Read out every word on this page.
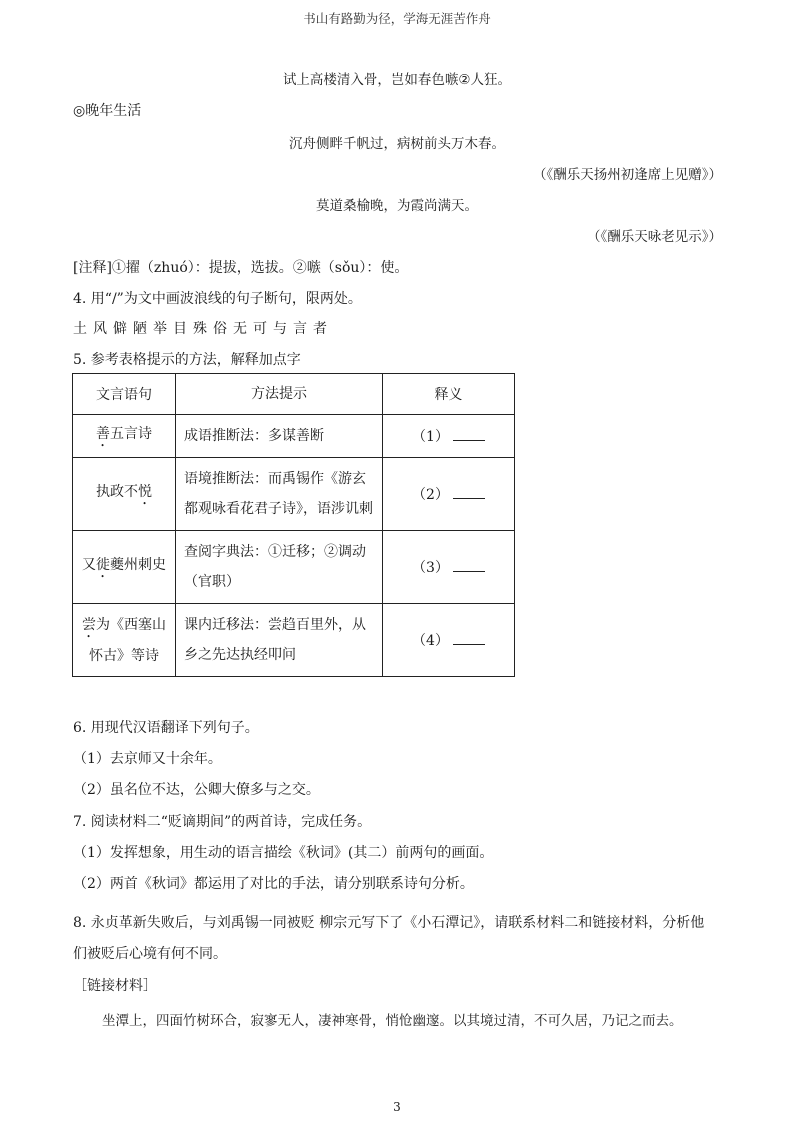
书山有路勤为径，学海无涯苦作舟
试上高楼清入骨，岂如春色嗾②人狂。
◎晚年生活
沉舟侧畔千帆过，病树前头万木春。
（《酬乐天扬州初逢席上见赠》）
莫道桑榆晚，为霞尚满天。
（《酬乐天咏老见示》）
[注释]①擢（zhuó）：提拔，选拔。②嗾（sǒu）：使。
4. 用“/”为文中画波浪线的句子断句，限两处。
土风僻陋举目殊俗无可与言者
5. 参考表格提示的方法，解释加点字
文言语句	方法提示	释义
善五言诗	成语推断法：多谋善断	（1）
执政不悦	语境推断法：而禹锡作《游玄都观咏看花君子诗》，语涉讥刺	（2）
又徙夔州刺史	查阅字典法：①迁移；②调动（官职）	（3）
尝为《西塞山怀古》等诗	课内迁移法：尝趋百里外，从乡之先达执经叩问	（4）
6. 用现代汉语翻译下列句子。
（1）去京师又十余年。
（2）虽名位不达，公卿大僚多与之交。
7. 阅读材料二“贬谪期间”的两首诗，完成任务。
（1）发挥想象，用生动的语言描绘《秋词》(其二）前两句的画面。
（2）两首《秋词》都运用了对比的手法，请分别联系诗句分析。
8. 永贞革新失败后，与刘禹锡一同被贬 柳宗元写下了《小石潭记》，请联系材料二和链接材料，分析他
们被贬后心境有何不同。
［链接材料］
坐潭上，四面竹树环合，寂寥无人，凄神寒骨，悄怆幽邃。以其境过清，不可久居，乃记之而去。
3
